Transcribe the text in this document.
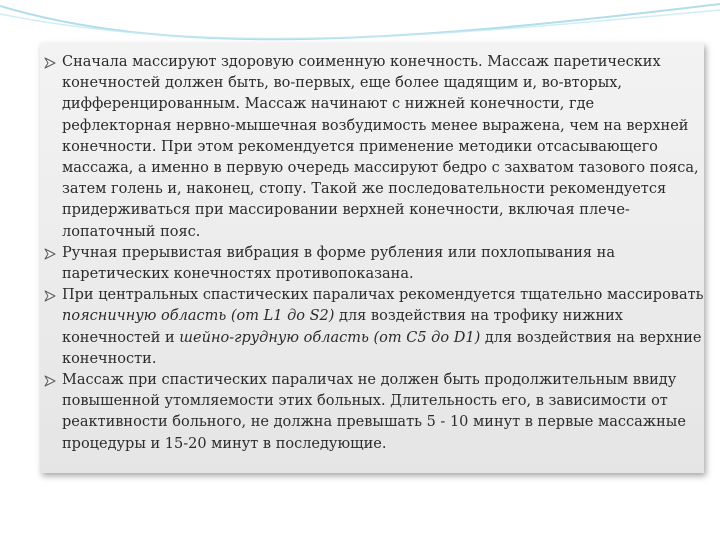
Сначала массируют здоровую соименную конечность. Массаж паретических конечностей должен быть, во-первых, еще более щадящим и, во-вторых, дифференцированным. Массаж начинают с нижней конечности, где рефлекторная нервно-мышечная возбудимость менее выражена, чем на верхней конечности. При этом рекомендуется применение методики отсасывающего массажа, а именно в первую очередь массируют бедро с захватом тазового пояса, затем голень и, наконец, стопу. Такой же последовательности рекомендуется придерживаться при массировании верхней конечности, включая плече-лопаточный пояс.
Ручная прерывистая вибрация в форме рубления или похлопывания на паретических конечностях противопоказана.
При центральных спастических параличах рекомендуется тщательно массировать поясничную область (от L1 до S2) для воздействия на трофику нижних конечностей и шейно-грудную область (от С5 до D1) для воздействия на верхние конечности.
Массаж при спастических параличах не должен быть продолжительным ввиду повышенной утомляемости этих больных. Длительность его, в зависимости от реактивности больного, не должна превышать 5 - 10 минут в первые массажные процедуры и 15-20 минут в последующие.
